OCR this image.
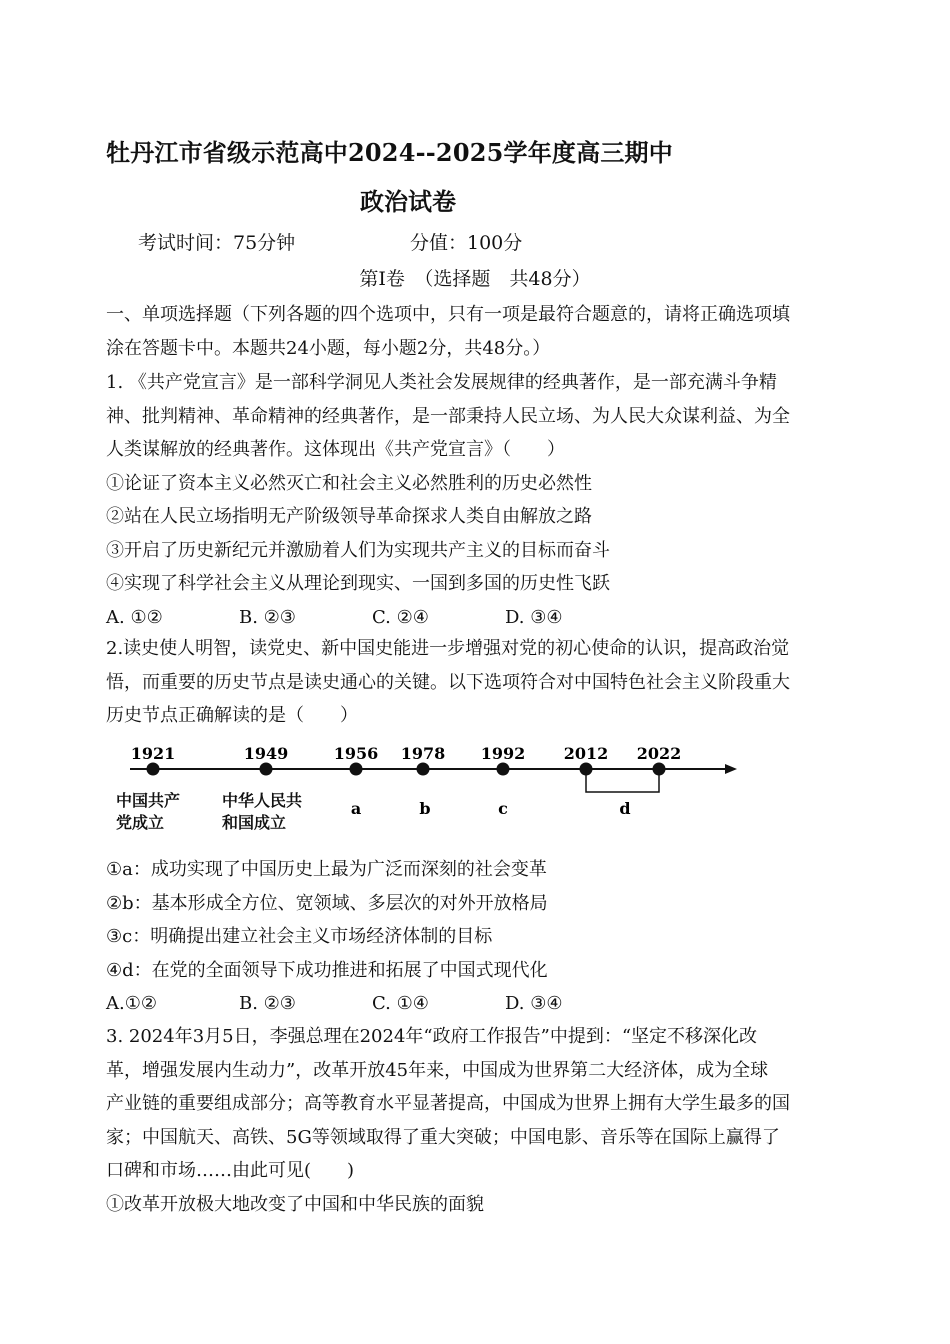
牡丹江市省级示范高中2024--2025学年度高三期中
政治试卷
考试时间：75分钟	分值：100分
第Ⅰ卷　（选择题　共48分）

一、单项选择题（下列各题的四个选项中，只有一项是最符合题意的，请将正确选项填

涂在答题卡中。本题共24小题，每小题2分，共48分。）

1. 《共产党宣言》是一部科学洞见人类社会发展规律的经典著作，是一部充满斗争精

神、批判精神、革命精神的经典著作，是一部秉持人民立场、为人民大众谋利益、为全

人类谋解放的经典著作。这体现出《共产党宣言》（　　）

①论证了资本主义必然灭亡和社会主义必然胜利的历史必然性

②站在人民立场指明无产阶级领导革命探求人类自由解放之路

③开启了历史新纪元并激励着人们为实现共产主义的目标而奋斗

④实现了科学社会主义从理论到现实、一国到多国的历史性飞跃

A. ①②	B. ②③	C. ②④	D. ③④

2.读史使人明智，读党史、新中国史能进一步增强对党的初心使命的认识，提高政治觉

悟，而重要的历史节点是读史通心的关键。以下选项符合对中国特色社会主义阶段重大

历史节点正确解读的是（　　）

1921	1949	1956 1978 1992 2012 2022
a	b	c	d
中国共产
党成立
中华人民共
和国成立

①a：成功实现了中国历史上最为广泛而深刻的社会变革

②b：基本形成全方位、宽领域、多层次的对外开放格局

③c：明确提出建立社会主义市场经济体制的目标

④d：在党的全面领导下成功推进和拓展了中国式现代化

A.①②	B. ②③	C. ①④	D. ③④

3. 2024年3月5日，李强总理在2024年“政府工作报告”中提到：“坚定不移深化改

革，增强发展内生动力”，改革开放45年来，中国成为世界第二大经济体，成为全球

产业链的重要组成部分；高等教育水平显著提高，中国成为世界上拥有大学生最多的国

家；中国航天、高铁、5G等领域取得了重大突破；中国电影、音乐等在国际上赢得了

口碑和市场……由此可见(　　)

①改革开放极大地改变了中国和中华民族的面貌
